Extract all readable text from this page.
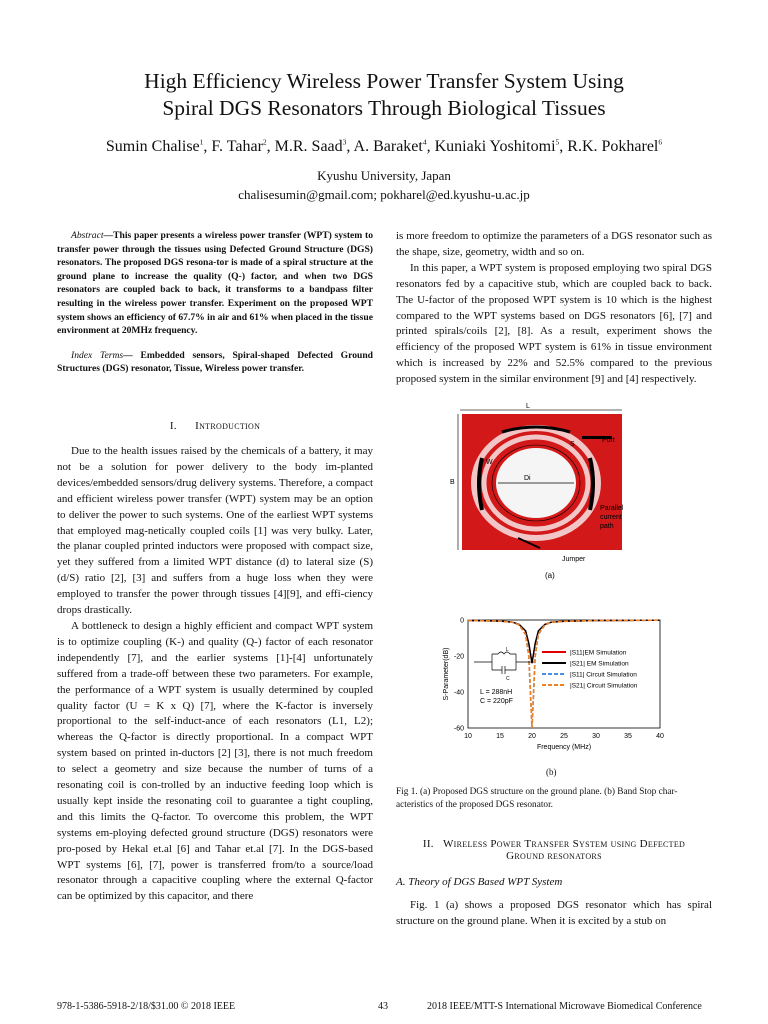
High Efficiency Wireless Power Transfer System Using
Spiral DGS Resonators Through Biological Tissues
Sumin Chalise$^1$, F. Tahar$^2$, M.R. Saad$^3$, A. Baraket$^4$, Kuniaki Yoshitomi$^5$, R.K. Pokharel$^6$
Kyushu University, Japan
chalisesumin@gmail.com; pokharel@ed.kyushu-u.ac.jp

Abstract—This paper presents a wireless power transfer (WPT) system to transfer power through the tissues using Defected Ground Structure (DGS) resonators. The proposed DGS resona-tor is made of a spiral structure at the ground plane to increase the quality (Q-) factor, and when two DGS resonators are coupled back to back, it transforms to a bandpass filter resulting in the wireless power transfer. Experiment on the proposed WPT system shows an efficiency of 67.7% in air and 61% when placed in the tissue environment at 20MHz frequency.

Index Terms— Embedded sensors, Spiral-shaped Defected Ground Structures (DGS) resonator, Tissue, Wireless power transfer.

I. Introduction

Due to the health issues raised by the chemicals of a battery, it may not be a solution for power delivery to the body im-planted devices/embedded sensors/drug delivery systems. Therefore, a compact and efficient wireless power transfer (WPT) system may be an option to deliver the power to such systems. One of the earliest WPT systems that employed mag-netically coupled coils [1] was very bulky. Later, the planar coupled printed inductors were proposed with compact size, yet they suffered from a limited WPT distance (d) to lateral size (S) (d/S) ratio [2], [3] and suffers from a huge loss when they were employed to transfer the power through tissues [4][9], and effi-ciency drops drastically.

A bottleneck to design a highly efficient and compact WPT system is to optimize coupling (K-) and quality (Q-) factor of each resonator independently [7], and the earlier systems [1]-[4] unfortunately suffered from a trade-off between these two parameters. For example, the performance of a WPT system is usually determined by coupled quality factor (U = K x Q) [7], where the K-factor is inversely proportional to the self-induct-ance of each resonators (L1, L2); whereas the Q-factor is directly proportional. In a compact WPT system based on printed in-ductors [2] [3], there is not much freedom to select a geometry and size because the number of turns of a resonating coil is con-trolled by an inductive feeding loop which is usually kept inside the resonating coil to guarantee a tight coupling, and this limits the Q-factor. To overcome this problem, the WPT systems em-ploying defected ground structure (DGS) resonators were pro-posed by Hekal et.al [6] and Tahar et.al [7]. In the DGS-based WPT systems [6], [7], power is transferred from/to a source/load resonator through a capacitive coupling where the external Q-factor can be optimized by this capacitor, and there

is more freedom to optimize the parameters of a DGS resonator such as the shape, size, geometry, width and so on.

In this paper, a WPT system is proposed employing two spiral DGS resonators fed by a capacitive stub, which are coupled back to back. The U-factor of the proposed WPT system is 10 which is the highest compared to the WPT systems based on DGS resonators [6], [7] and printed spirals/coils [2], [8]. As a result, experiment shows the efficiency of the proposed WPT system is 61% in tissue environment which is increased by 22% and 52.5% compared to the previous proposed system in the similar environment [9] and [4] respectively.

L
B
Di
S
W
Port
Jumper
Parallel
current
path
(a)
10	15	20	25	30	35	40
0
-20
-40
-60
Frequency (MHz)
S-Parameter(dB)	|S11|EM Simulation
|S21| EM Simulation
|S11| Circuit Simulation
|S21| Circuit Simulation
L
C
L = 288nH
C = 220pF
(b)
Fig 1. (a) Proposed DGS structure on the ground plane. (b) Band Stop char-acteristics of the proposed DGS resonator.
II. Wireless Power Transfer System using Defected
Ground resonators
A. Theory of DGS Based WPT System

Fig. 1 (a) shows a proposed DGS resonator which has spiral structure on the ground plane. When it is excited by a stub on

978-1-5386-5918-2/18/$31.00 © 2018 IEEE	43	2018 IEEE/MTT-S International Microwave Biomedical Conference
